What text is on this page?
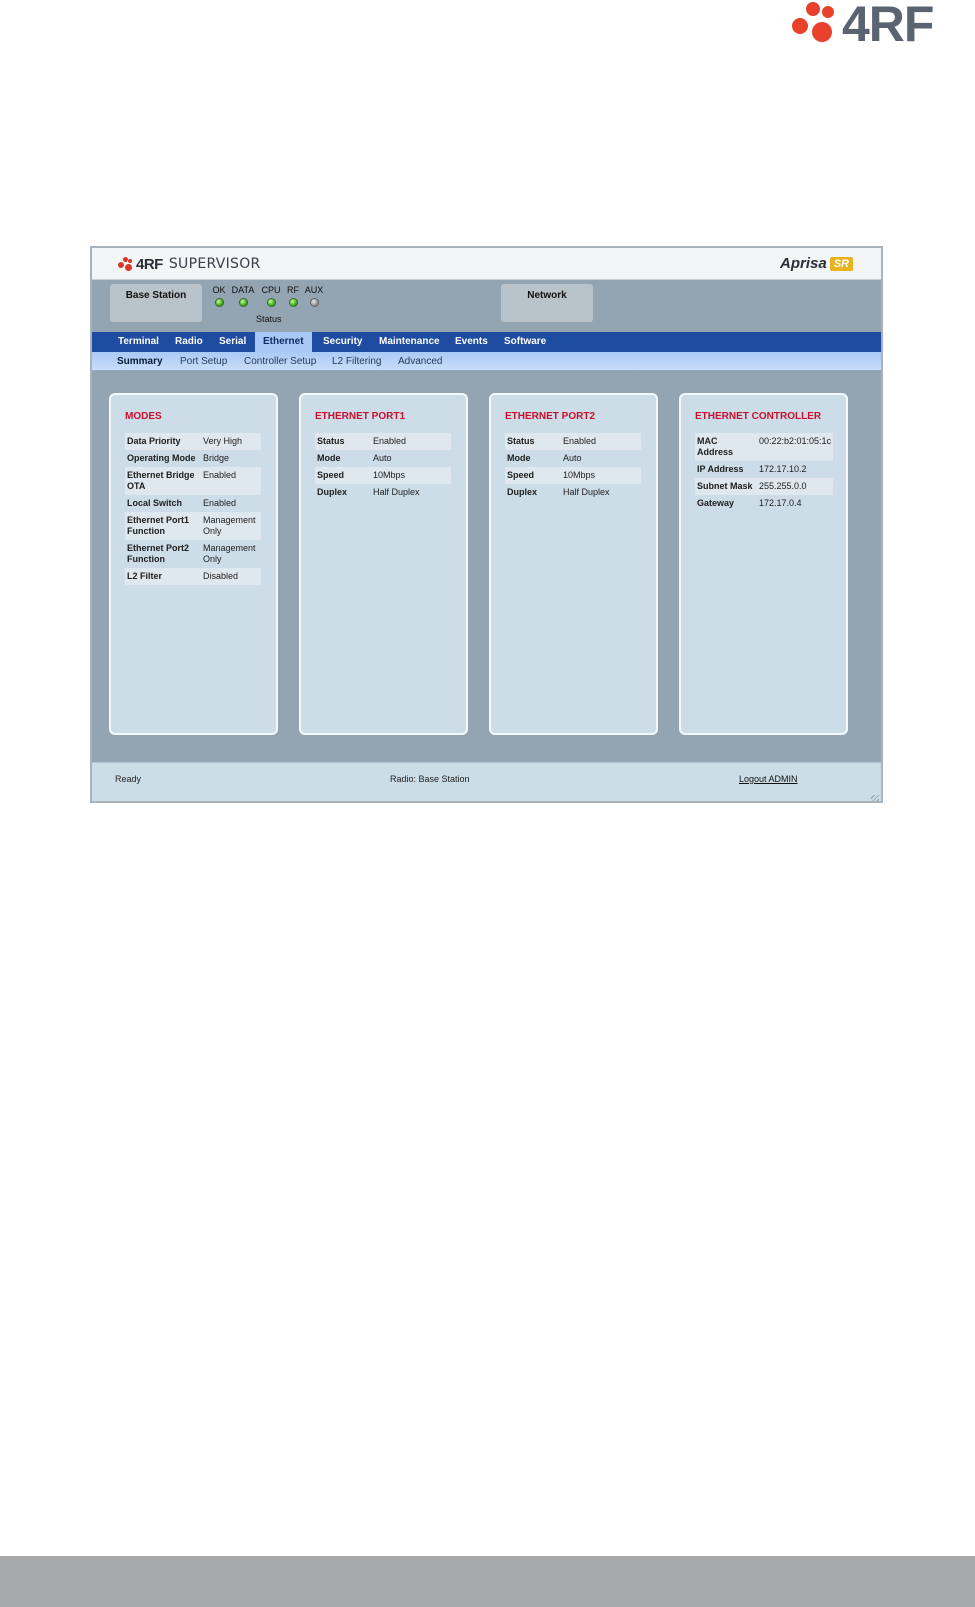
4RF
4RF SUPERVISOR	Aprisa SR
Base Station	OK DATA CPU RF AUX
Status
Network
Terminal	Radio	Serial	Ethernet	Security	Maintenance	Events	Software
Summary Port Setup Controller Setup L2 Filtering Advanced
MODES
Data Priority	Very High
Operating Mode	Bridge
Ethernet Bridge OTA	Enabled
Local Switch	Enabled
Ethernet Port1 Function	Management Only
Ethernet Port2 Function	Management Only
L2 Filter	Disabled
ETHERNET PORT1
Status	Enabled
Mode	Auto
Speed	10Mbps
Duplex	Half Duplex
ETHERNET PORT2
Status	Enabled
Mode	Auto
Speed	10Mbps
Duplex	Half Duplex
ETHERNET CONTROLLER
MAC Address	00:22:b2:01:05:1c
IP Address	172.17.10.2
Subnet Mask	255.255.0.0
Gateway	172.17.0.4
Ready	Radio: Base Station	Logout ADMIN
